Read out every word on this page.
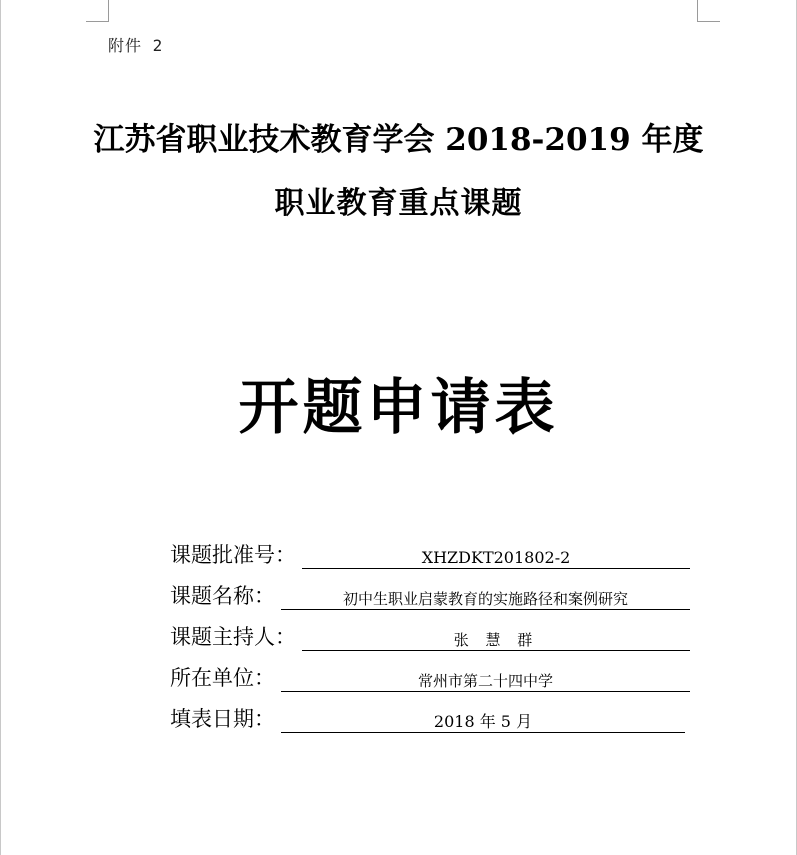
附件 2
江苏省职业技术教育学会 2018-2019 年度
职业教育重点课题
开题申请表
课题批准号：	XHZDKT201802-2
课题名称：	初中生职业启蒙教育的实施路径和案例研究
课题主持人：	张 慧 群
所在单位：	常州市第二十四中学
填表日期：	2018 年 5 月
